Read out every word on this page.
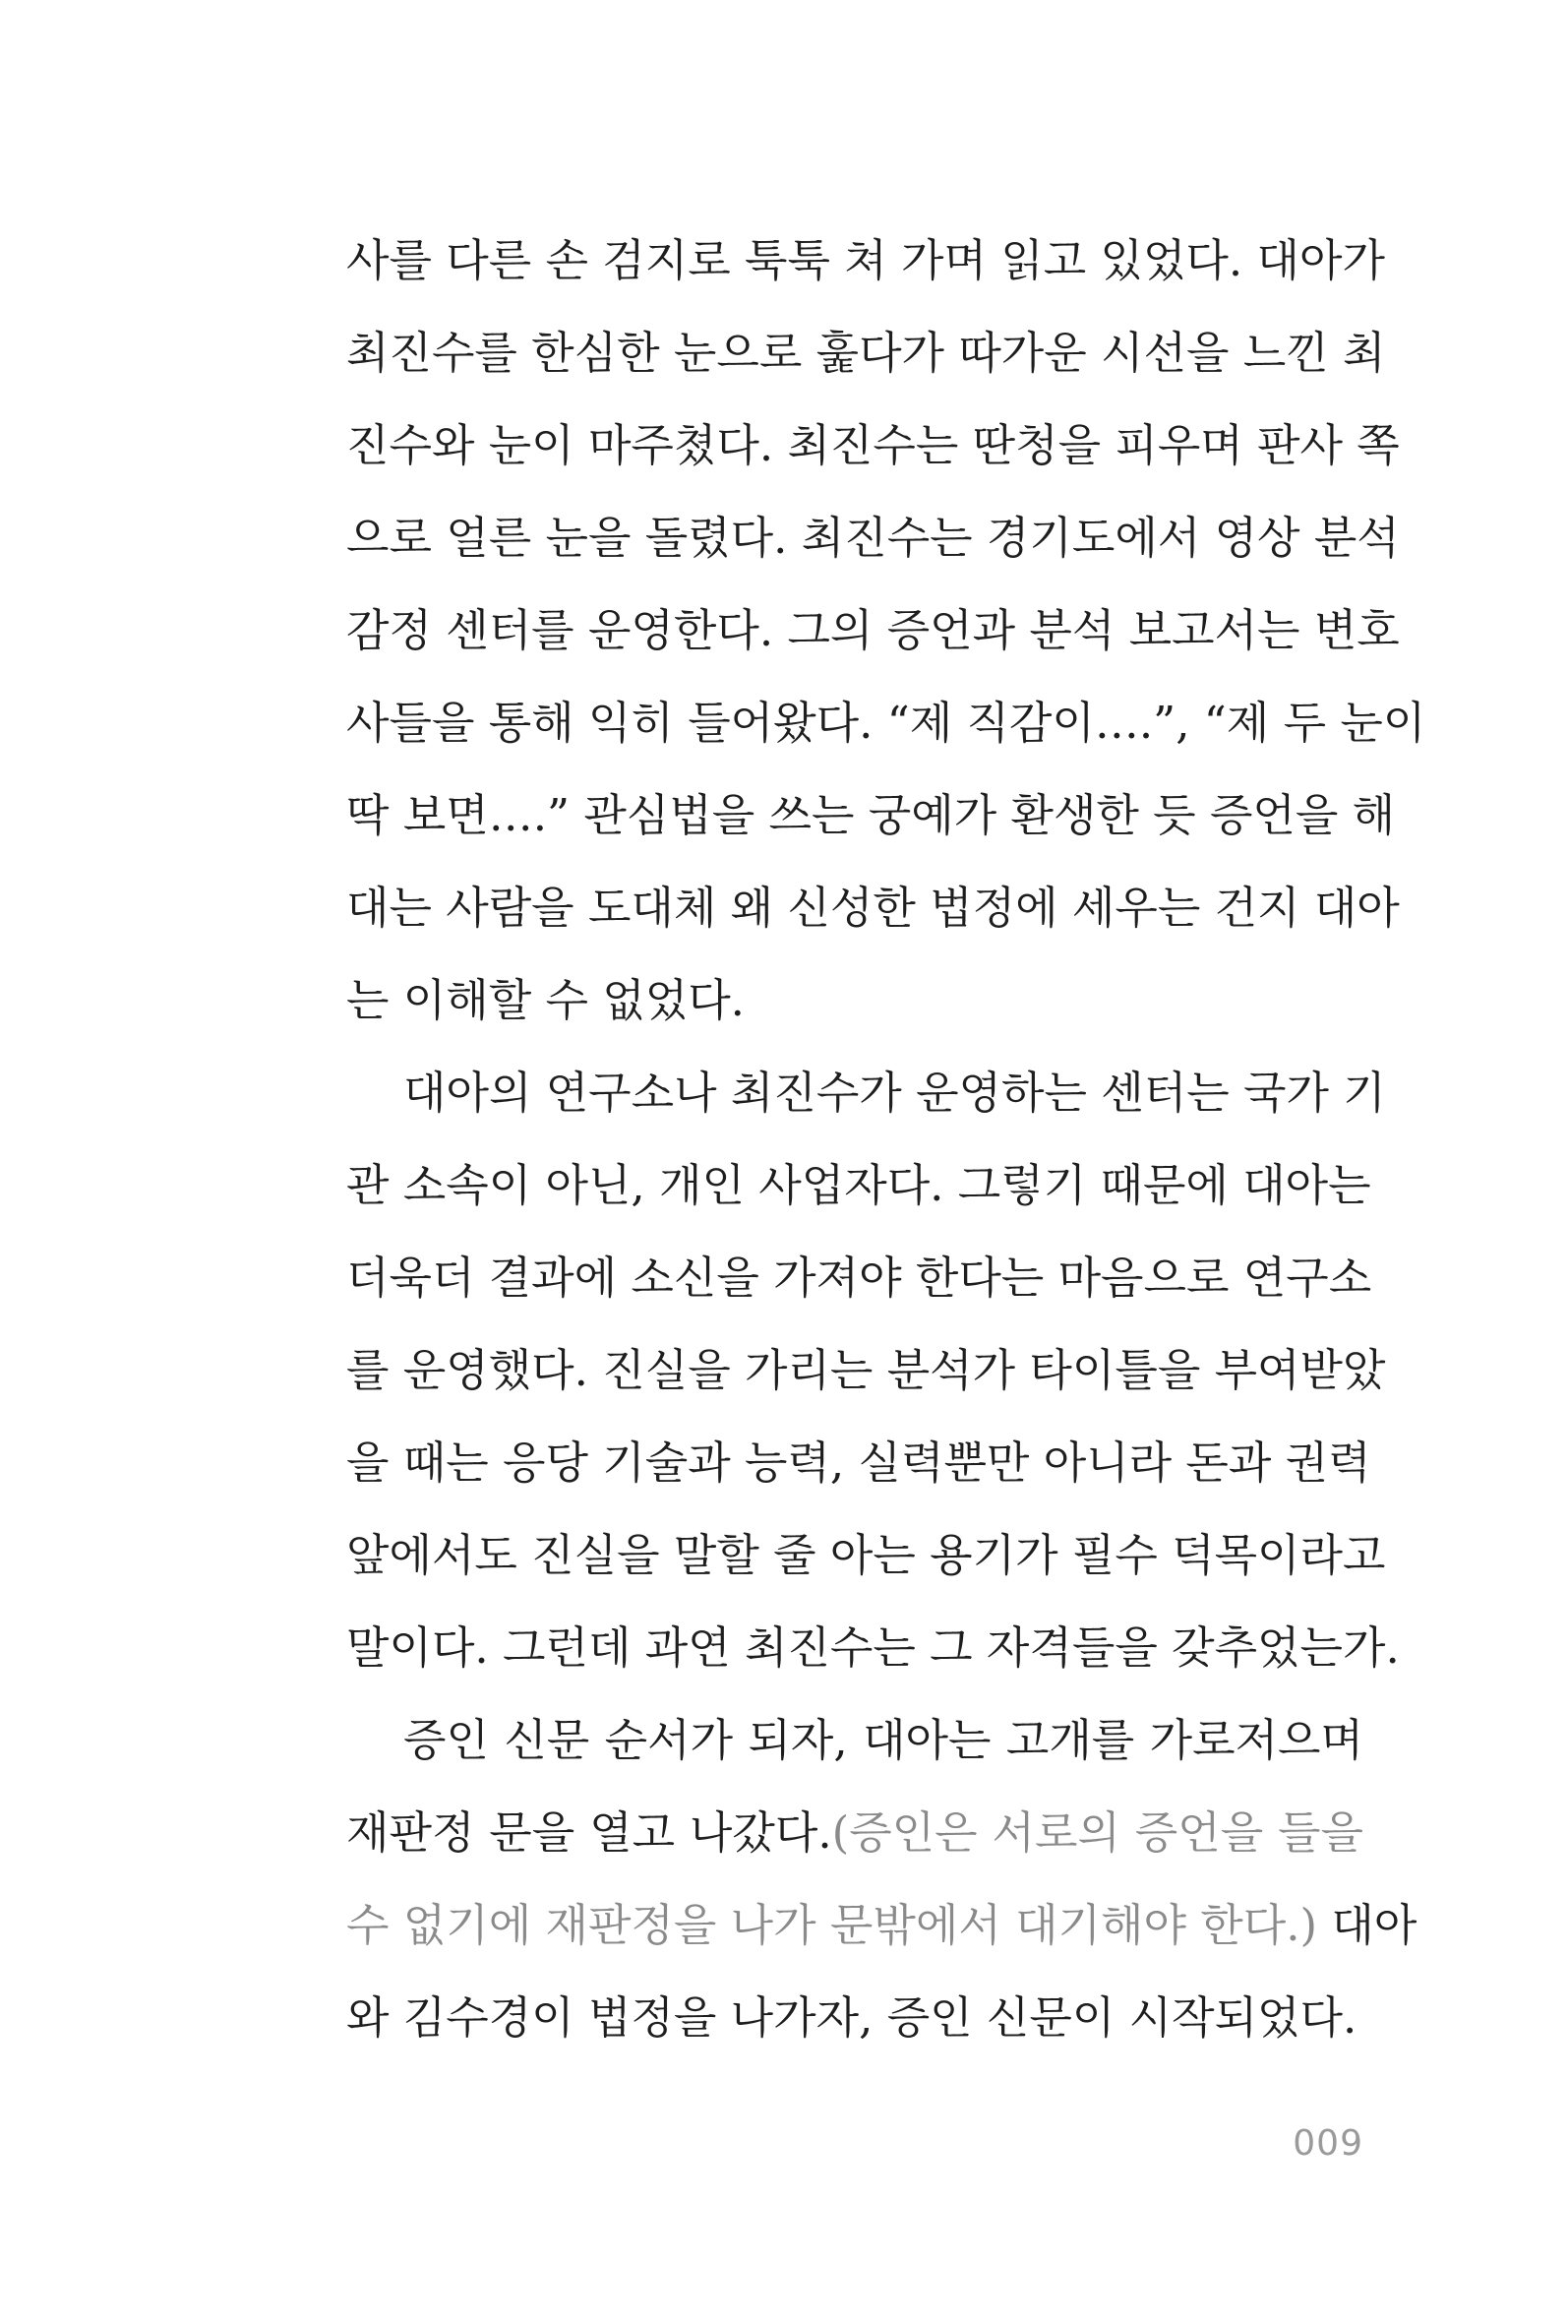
사를 다른 손 검지로 툭툭 쳐 가며 읽고 있었다. 대아가
최진수를 한심한 눈으로 훑다가 따가운 시선을 느낀 최
진수와 눈이 마주쳤다. 최진수는 딴청을 피우며 판사 쪽
으로 얼른 눈을 돌렸다. 최진수는 경기도에서 영상 분석
감정 센터를 운영한다. 그의 증언과 분석 보고서는 변호
사들을 통해 익히 들어왔다. “제 직감이….”, “제 두 눈이
딱 보면….” 관심법을 쓰는 궁예가 환생한 듯 증언을 해
대는 사람을 도대체 왜 신성한 법정에 세우는 건지 대아
는 이해할 수 없었다.
대아의 연구소나 최진수가 운영하는 센터는 국가 기
관 소속이 아닌, 개인 사업자다. 그렇기 때문에 대아는
더욱더 결과에 소신을 가져야 한다는 마음으로 연구소
를 운영했다. 진실을 가리는 분석가 타이틀을 부여받았
을 때는 응당 기술과 능력, 실력뿐만 아니라 돈과 권력
앞에서도 진실을 말할 줄 아는 용기가 필수 덕목이라고
말이다. 그런데 과연 최진수는 그 자격들을 갖추었는가.
증인 신문 순서가 되자, 대아는 고개를 가로저으며
재판정 문을 열고 나갔다.(증인은 서로의 증언을 들을
수 없기에 재판정을 나가 문밖에서 대기해야 한다.) 대아
와 김수경이 법정을 나가자, 증인 신문이 시작되었다.
009
